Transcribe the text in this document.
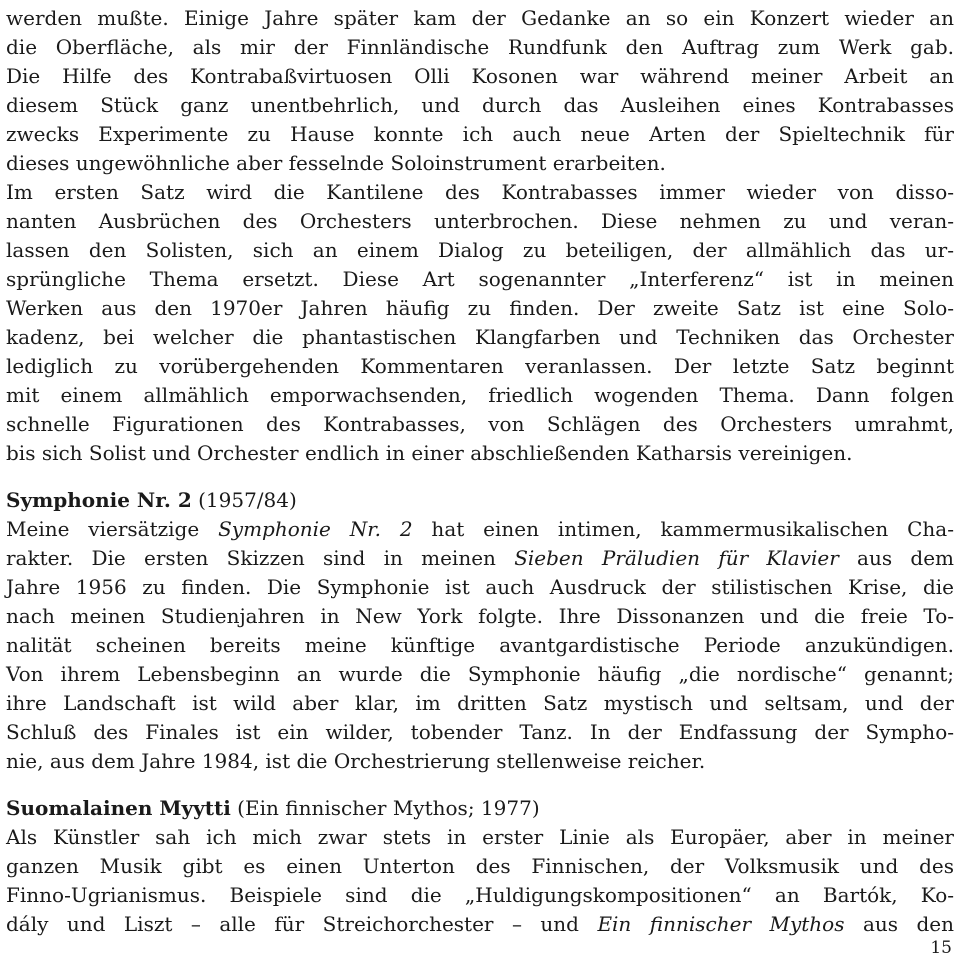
werden mußte. Einige Jahre später kam der Gedanke an so ein Konzert wieder an
die Oberfläche, als mir der Finnländische Rundfunk den Auftrag zum Werk gab.
Die Hilfe des Kontrabaßvirtuosen Olli Kosonen war während meiner Arbeit an
diesem Stück ganz unentbehrlich, und durch das Ausleihen eines Kontrabasses
zwecks Experimente zu Hause konnte ich auch neue Arten der Spieltechnik für
dieses ungewöhnliche aber fesselnde Soloinstrument erarbeiten.
Im ersten Satz wird die Kantilene des Kontrabasses immer wieder von disso-
nanten Ausbrüchen des Orchesters unterbrochen. Diese nehmen zu und veran-
lassen den Solisten, sich an einem Dialog zu beteiligen, der allmählich das ur-
sprüngliche Thema ersetzt. Diese Art sogenannter „Interferenz“ ist in meinen
Werken aus den 1970er Jahren häufig zu finden. Der zweite Satz ist eine Solo-
kadenz, bei welcher die phantastischen Klangfarben und Techniken das Orchester
lediglich zu vorübergehenden Kommentaren veranlassen. Der letzte Satz beginnt
mit einem allmählich emporwachsenden, friedlich wogenden Thema. Dann folgen
schnelle Figurationen des Kontrabasses, von Schlägen des Orchesters umrahmt,
bis sich Solist und Orchester endlich in einer abschließenden Katharsis vereinigen.
Symphonie Nr. 2 (1957/84)
Meine viersätzige Symphonie Nr. 2 hat einen intimen, kammermusikalischen Cha-
rakter. Die ersten Skizzen sind in meinen Sieben Präludien für Klavier aus dem
Jahre 1956 zu finden. Die Symphonie ist auch Ausdruck der stilistischen Krise, die
nach meinen Studienjahren in New York folgte. Ihre Dissonanzen und die freie To-
nalität scheinen bereits meine künftige avantgardistische Periode anzukündigen.
Von ihrem Lebensbeginn an wurde die Symphonie häufig „die nordische“ genannt;
ihre Landschaft ist wild aber klar, im dritten Satz mystisch und seltsam, und der
Schluß des Finales ist ein wilder, tobender Tanz. In der Endfassung der Sympho-
nie, aus dem Jahre 1984, ist die Orchestrierung stellenweise reicher.
Suomalainen Myytti (Ein finnischer Mythos; 1977)
Als Künstler sah ich mich zwar stets in erster Linie als Europäer, aber in meiner
ganzen Musik gibt es einen Unterton des Finnischen, der Volksmusik und des
Finno-Ugrianismus. Beispiele sind die „Huldigungskompositionen“ an Bartók, Ko-
dály und Liszt – alle für Streichorchester – und Ein finnischer Mythos aus den
15
